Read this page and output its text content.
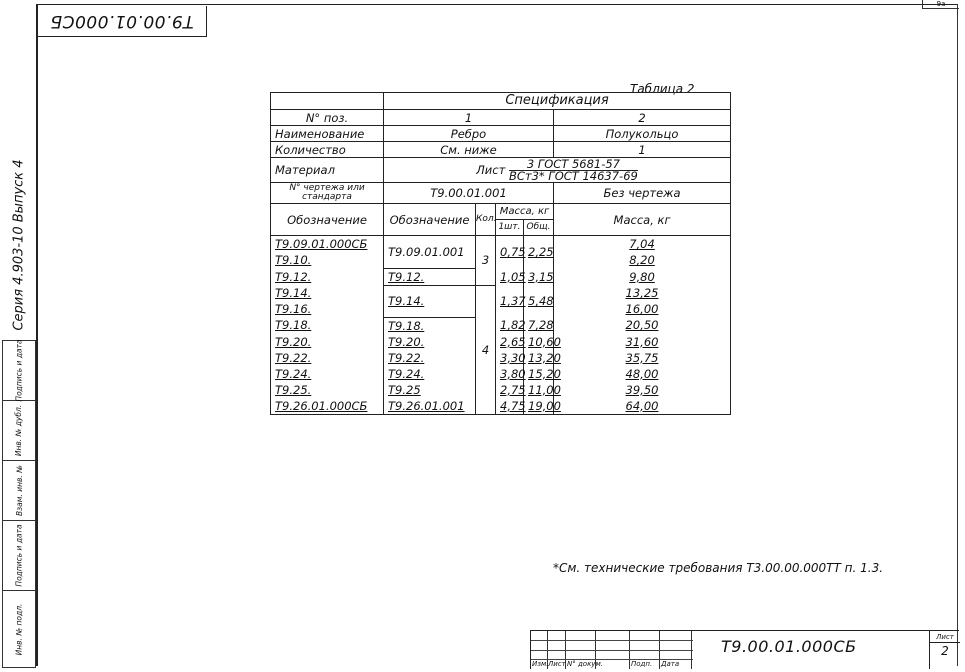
9а
Т9.00.01.000СБ
Серия 4.903-10 Выпуск 4
Подпись и дата
Инв. № дубл.
Взам. инв. №
Подпись и дата
Инв. № подл.
Таблица 2
	Спецификация				
N° поз.	1				2
Наименование	Ребро				Полукольцо
Количество	См. ниже				1
Материал	Лист $\frac{\text{3 ГОСТ 5681-57}}{\text{ВСт3* ГОСТ 14637-69}}$
N° чертежа или стандарта	Т9.00.01.001				Без чертежа
Обозначение	Обозначение	Кол.	Масса, кг		Масса, кг
			1шт.	Общ.	
Т9.09.01.000СБ	Т9.09.01.001	3	0,75	2,25	7,04
Т9.10.					8,20
Т9.12.	Т9.12.		1,05	3,15	9,80
Т9.14.	Т9.14.	4	1,37	5,48	13,25
Т9.16.					16,00
Т9.18.	Т9.18.		1,82	7,28	20,50
Т9.20.	Т9.20.		2,65	10,60	31,60
Т9.22.	Т9.22.		3,30	13,20	35,75
Т9.24.	Т9.24.		3,80	15,20	48,00
Т9.25.	Т9.25		2,75	11,00	39,50
Т9.26.01.000СБ	Т9.26.01.001		4,75	19,00	64,00
*См. технические требования Т3.00.00.000ТТ п. 1.3.
Изм. Лист N° докум.	Подп. Дата
Т9.00.01.000СБ	Лист
2
